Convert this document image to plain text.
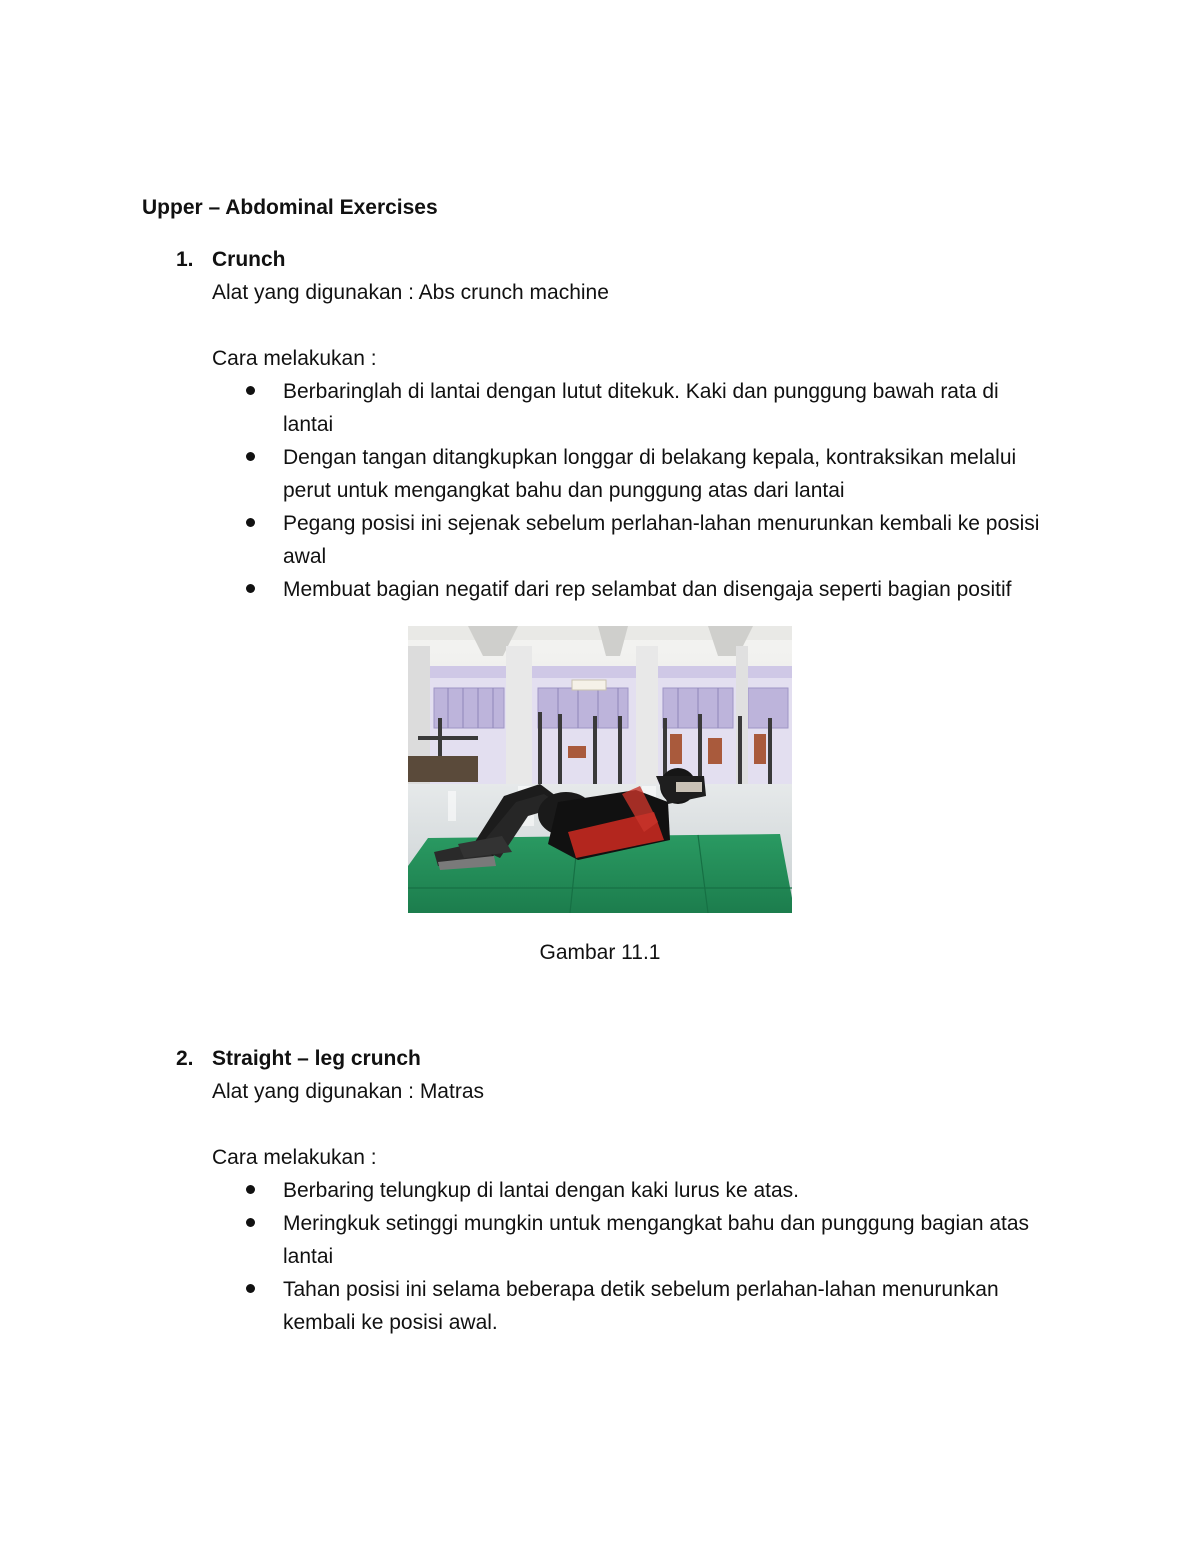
Upper – Abdominal Exercises
1. Crunch
Alat yang digunakan : Abs crunch machine
Cara melakukan :
Berbaringlah di lantai dengan lutut ditekuk. Kaki dan punggung bawah rata di
lantai
Dengan tangan ditangkupkan longgar di belakang kepala, kontraksikan melalui
perut untuk mengangkat bahu dan punggung atas dari lantai
Pegang posisi ini sejenak sebelum perlahan-lahan menurunkan kembali ke posisi
awal
Membuat bagian negatif dari rep selambat dan disengaja seperti bagian positif
Gambar 11.1
2. Straight – leg crunch
Alat yang digunakan : Matras
Cara melakukan :
Berbaring telungkup di lantai dengan kaki lurus ke atas.
Meringkuk setinggi mungkin untuk mengangkat bahu dan punggung bagian atas
lantai
Tahan posisi ini selama beberapa detik sebelum perlahan-lahan menurunkan
kembali ke posisi awal.
